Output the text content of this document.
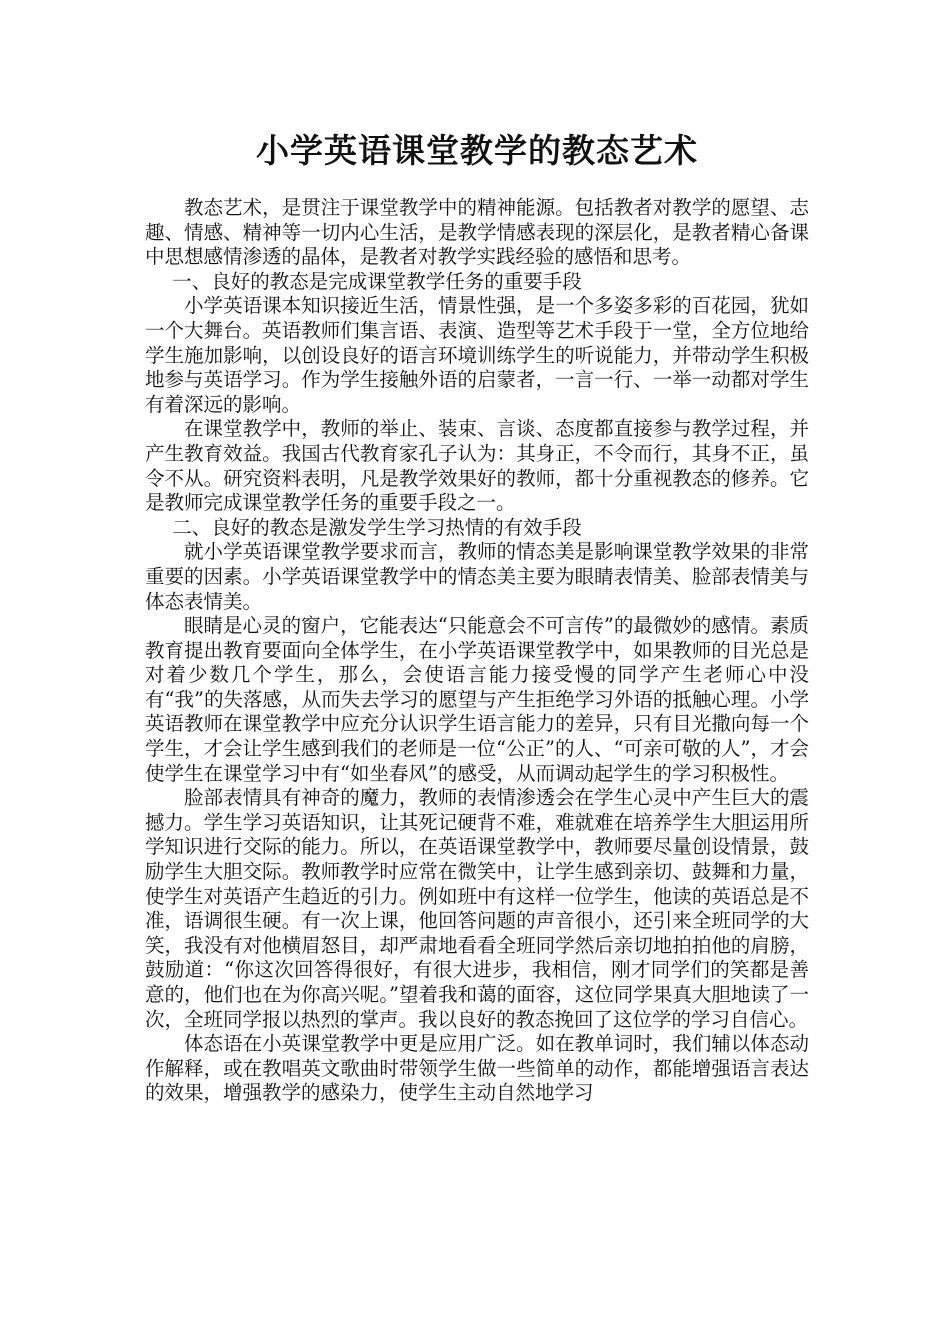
小学英语课堂教学的教态艺术

教态艺术，是贯注于课堂教学中的精神能源。包括教者对教学的愿望、志趣、情感、精神等一切内心生活，是教学情感表现的深层化，是教者精心备课中思想感情渗透的晶体，是教者对教学实践经验的感悟和思考。

一、良好的教态是完成课堂教学任务的重要手段

小学英语课本知识接近生活，情景性强，是一个多姿多彩的百花园，犹如一个大舞台。英语教师们集言语、表演、造型等艺术手段于一堂，全方位地给学生施加影响，以创设良好的语言环境训练学生的听说能力，并带动学生积极地参与英语学习。作为学生接触外语的启蒙者，一言一行、一举一动都对学生有着深远的影响。

在课堂教学中，教师的举止、装束、言谈、态度都直接参与教学过程，并产生教育效益。我国古代教育家孔子认为：其身正，不令而行，其身不正，虽令不从。研究资料表明，凡是教学效果好的教师，都十分重视教态的修养。它是教师完成课堂教学任务的重要手段之一。

二、良好的教态是激发学生学习热情的有效手段

就小学英语课堂教学要求而言，教师的情态美是影响课堂教学效果的非常重要的因素。小学英语课堂教学中的情态美主要为眼睛表情美、脸部表情美与体态表情美。

眼睛是心灵的窗户，它能表达“只能意会不可言传”的最微妙的感情。素质教育提出教育要面向全体学生，在小学英语课堂教学中，如果教师的目光总是对着少数几个学生，那么，会使语言能力接受慢的同学产生老师心中没有“我”的失落感，从而失去学习的愿望与产生拒绝学习外语的抵触心理。小学英语教师在课堂教学中应充分认识学生语言能力的差异，只有目光撒向每一个学生，才会让学生感到我们的老师是一位“公正”的人、“可亲可敬的人”，才会使学生在课堂学习中有“如坐春风”的感受，从而调动起学生的学习积极性。

脸部表情具有神奇的魔力，教师的表情渗透会在学生心灵中产生巨大的震撼力。学生学习英语知识，让其死记硬背不难，难就难在培养学生大胆运用所学知识进行交际的能力。所以，在英语课堂教学中，教师要尽量创设情景，鼓励学生大胆交际。教师教学时应常在微笑中，让学生感到亲切、鼓舞和力量，使学生对英语产生趋近的引力。例如班中有这样一位学生，他读的英语总是不准，语调很生硬。有一次上课，他回答问题的声音很小，还引来全班同学的大笑，我没有对他横眉怒目，却严肃地看看全班同学然后亲切地拍拍他的肩膀，鼓励道：“你这次回答得很好，有很大进步，我相信，刚才同学们的笑都是善意的，他们也在为你高兴呢。”望着我和蔼的面容，这位同学果真大胆地读了一次，全班同学报以热烈的掌声。我以良好的教态挽回了这位学的学习自信心。

体态语在小英课堂教学中更是应用广泛。如在教单词时，我们辅以体态动作解释，或在教唱英文歌曲时带领学生做一些简单的动作，都能增强语言表达的效果，增强教学的感染力，使学生主动自然地学习
